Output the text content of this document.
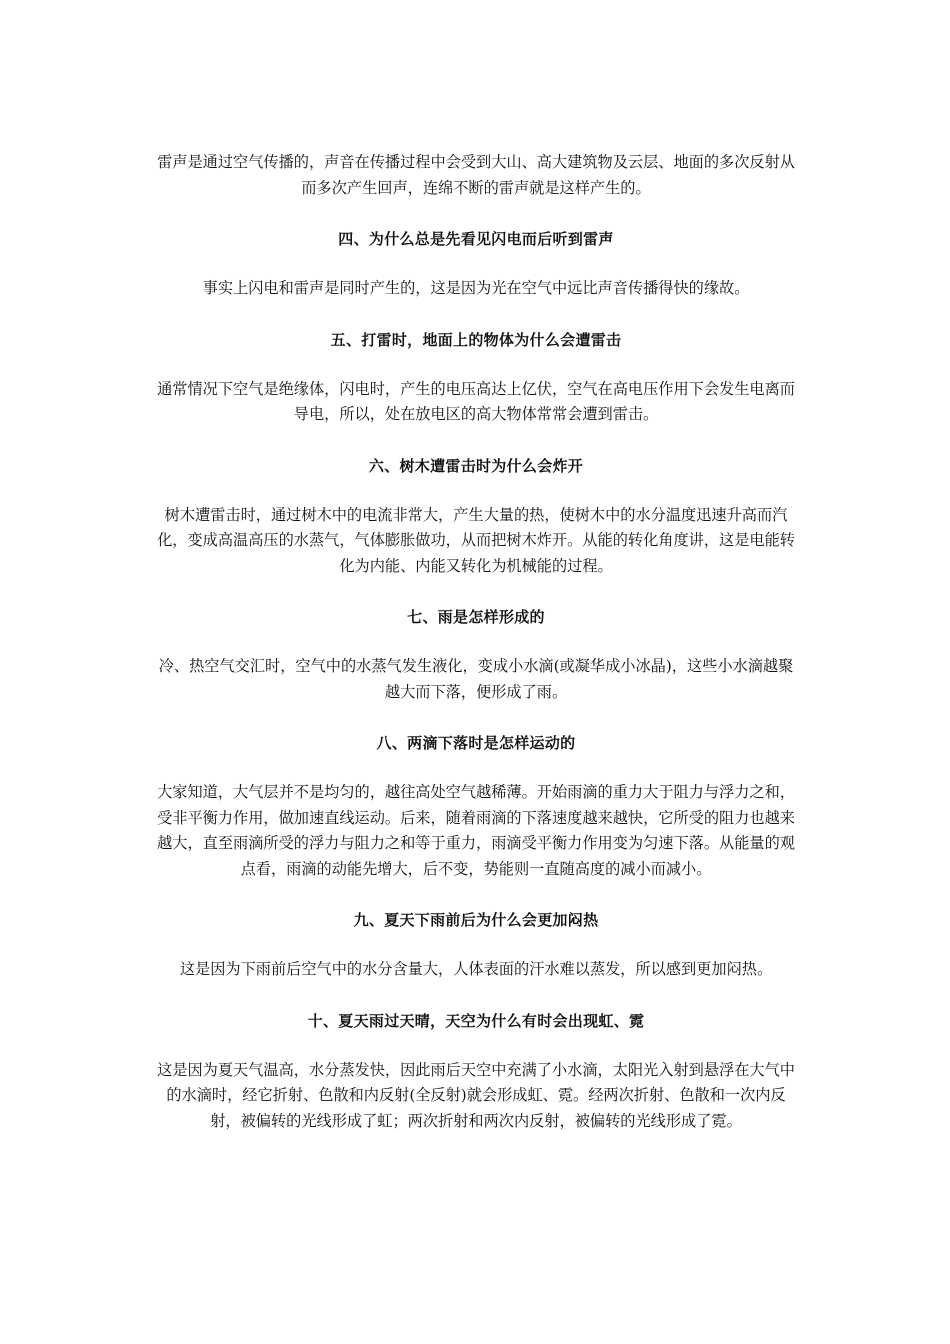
雷声是通过空气传播的，声音在传播过程中会受到大山、高大建筑物及云层、地面的多次反射从而多次产生回声，连绵不断的雷声就是这样产生的。

四、为什么总是先看见闪电而后听到雷声

事实上闪电和雷声是同时产生的，这是因为光在空气中远比声音传播得快的缘故。

五、打雷时，地面上的物体为什么会遭雷击

通常情况下空气是绝缘体，闪电时，产生的电压高达上亿伏，空气在高电压作用下会发生电离而导电，所以，处在放电区的高大物体常常会遭到雷击。

六、树木遭雷击时为什么会炸开

树木遭雷击时，通过树木中的电流非常大，产生大量的热，使树木中的水分温度迅速升高而汽化，变成高温高压的水蒸气，气体膨胀做功，从而把树木炸开。从能的转化角度讲，这是电能转化为内能、内能又转化为机械能的过程。

七、雨是怎样形成的

冷、热空气交汇时，空气中的水蒸气发生液化，变成小水滴(或凝华成小冰晶)，这些小水滴越聚越大而下落，便形成了雨。

八、两滴下落时是怎样运动的

大家知道，大气层并不是均匀的，越往高处空气越稀薄。开始雨滴的重力大于阻力与浮力之和，受非平衡力作用，做加速直线运动。后来，随着雨滴的下落速度越来越快，它所受的阻力也越来越大，直至雨滴所受的浮力与阻力之和等于重力，雨滴受平衡力作用变为匀速下落。从能量的观点看，雨滴的动能先增大，后不变，势能则一直随高度的减小而减小。

九、夏天下雨前后为什么会更加闷热

这是因为下雨前后空气中的水分含量大，人体表面的汗水难以蒸发，所以感到更加闷热。

十、夏天雨过天晴，天空为什么有时会出现虹、霓

这是因为夏天气温高，水分蒸发快，因此雨后天空中充满了小水滴，太阳光入射到悬浮在大气中的水滴时，经它折射、色散和内反射(全反射)就会形成虹、霓。经两次折射、色散和一次内反射，被偏转的光线形成了虹；两次折射和两次内反射，被偏转的光线形成了霓。
